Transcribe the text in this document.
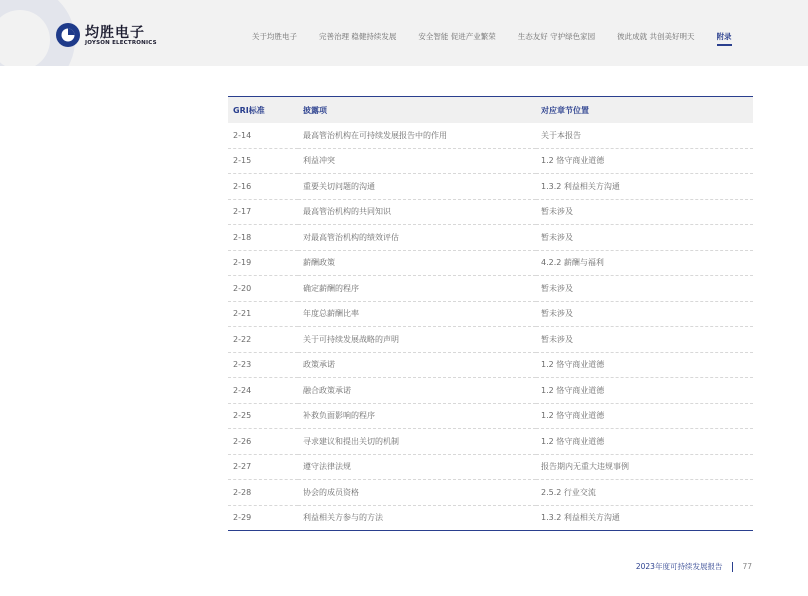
均胜电子
JOYSON ELECTRONICS
关于均胜电子	完善治理 稳健持续发展	安全智能 促进产业繁荣	生态友好 守护绿色家园	彼此成就 共创美好明天	附录
GRI标准	披露项	对应章节位置
2-14	最高管治机构在可持续发展报告中的作用	关于本报告
2-15	利益冲突	1.2 恪守商业道德
2-16	重要关切问题的沟通	1.3.2 利益相关方沟通
2-17	最高管治机构的共同知识	暂未涉及
2-18	对最高管治机构的绩效评估	暂未涉及
2-19	薪酬政策	4.2.2 薪酬与福利
2-20	确定薪酬的程序	暂未涉及
2-21	年度总薪酬比率	暂未涉及
2-22	关于可持续发展战略的声明	暂未涉及
2-23	政策承诺	1.2 恪守商业道德
2-24	融合政策承诺	1.2 恪守商业道德
2-25	补救负面影响的程序	1.2 恪守商业道德
2-26	寻求建议和提出关切的机制	1.2 恪守商业道德
2-27	遵守法律法规	报告期内无重大违规事例
2-28	协会的成员资格	2.5.2 行业交流
2-29	利益相关方参与的方法	1.3.2 利益相关方沟通
2023年度可持续发展报告	77
